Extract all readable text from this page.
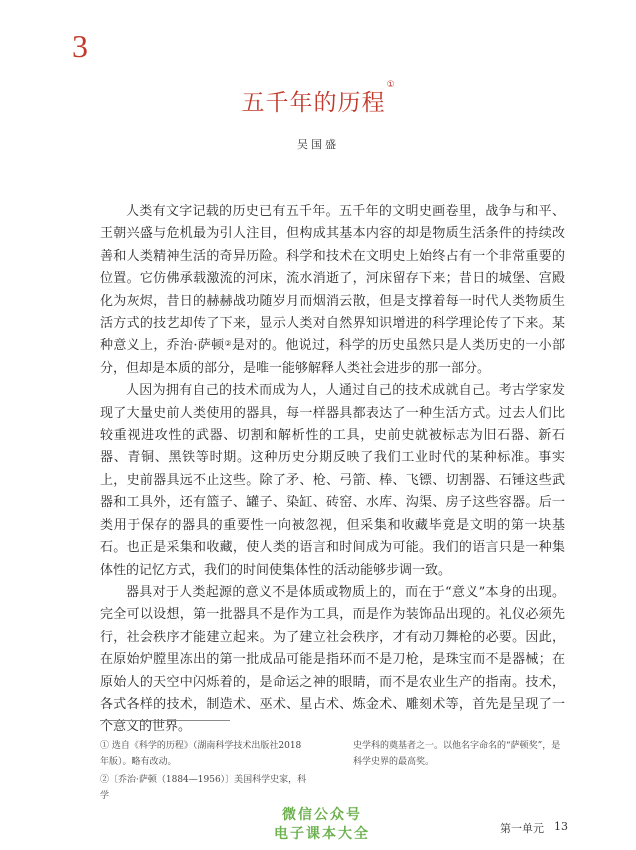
3
五千年的历程①
吴国盛

人类有文字记载的历史已有五千年。五千年的文明史画卷里，战争与和平、王朝兴盛与危机最为引人注目，但构成其基本内容的却是物质生活条件的持续改善和人类精神生活的奇异历险。科学和技术在文明史上始终占有一个非常重要的位置。它仿佛承载激流的河床，流水消逝了，河床留存下来；昔日的城堡、宫殿化为灰烬，昔日的赫赫战功随岁月而烟消云散，但是支撑着每一时代人类物质生活方式的技艺却传了下来，显示人类对自然界知识增进的科学理论传了下来。某种意义上，乔治·萨顿②是对的。他说过，科学的历史虽然只是人类历史的一小部分，但却是本质的部分，是唯一能够解释人类社会进步的那一部分。

人因为拥有自己的技术而成为人，人通过自己的技术成就自己。考古学家发现了大量史前人类使用的器具，每一样器具都表达了一种生活方式。过去人们比较重视进攻性的武器、切割和解析性的工具，史前史就被标志为旧石器、新石器、青铜、黑铁等时期。这种历史分期反映了我们工业时代的某种标准。事实上，史前器具远不止这些。除了矛、枪、弓箭、棒、飞镖、切割器、石锤这些武器和工具外，还有篮子、罐子、染缸、砖窑、水库、沟渠、房子这些容器。后一类用于保存的器具的重要性一向被忽视，但采集和收藏毕竟是文明的第一块基石。也正是采集和收藏，使人类的语言和时间成为可能。我们的语言只是一种集体性的记忆方式，我们的时间使集体性的活动能够步调一致。

器具对于人类起源的意义不是体质或物质上的，而在于“意义”本身的出现。完全可以设想，第一批器具不是作为工具，而是作为装饰品出现的。礼仪必须先行，社会秩序才能建立起来。为了建立社会秩序，才有动刀舞枪的必要。因此，在原始炉膛里冻出的第一批成品可能是指环而不是刀枪，是珠宝而不是器械；在原始人的天空中闪烁着的，是命运之神的眼睛，而不是农业生产的指南。技术，各式各样的技术，制造术、巫术、星占术、炼金术、雕刻术等，首先是呈现了一个意义的世界。

① 选自《科学的历程》（湖南科学技术出版社2018年版）。略有改动。

②〔乔治·萨顿（1884—1956）〕美国科学史家，科学

史学科的奠基者之一。以他名字命名的“萨顿奖”，是科学史界的最高奖。

微信公众号
电子课本大全	第一单元 13
